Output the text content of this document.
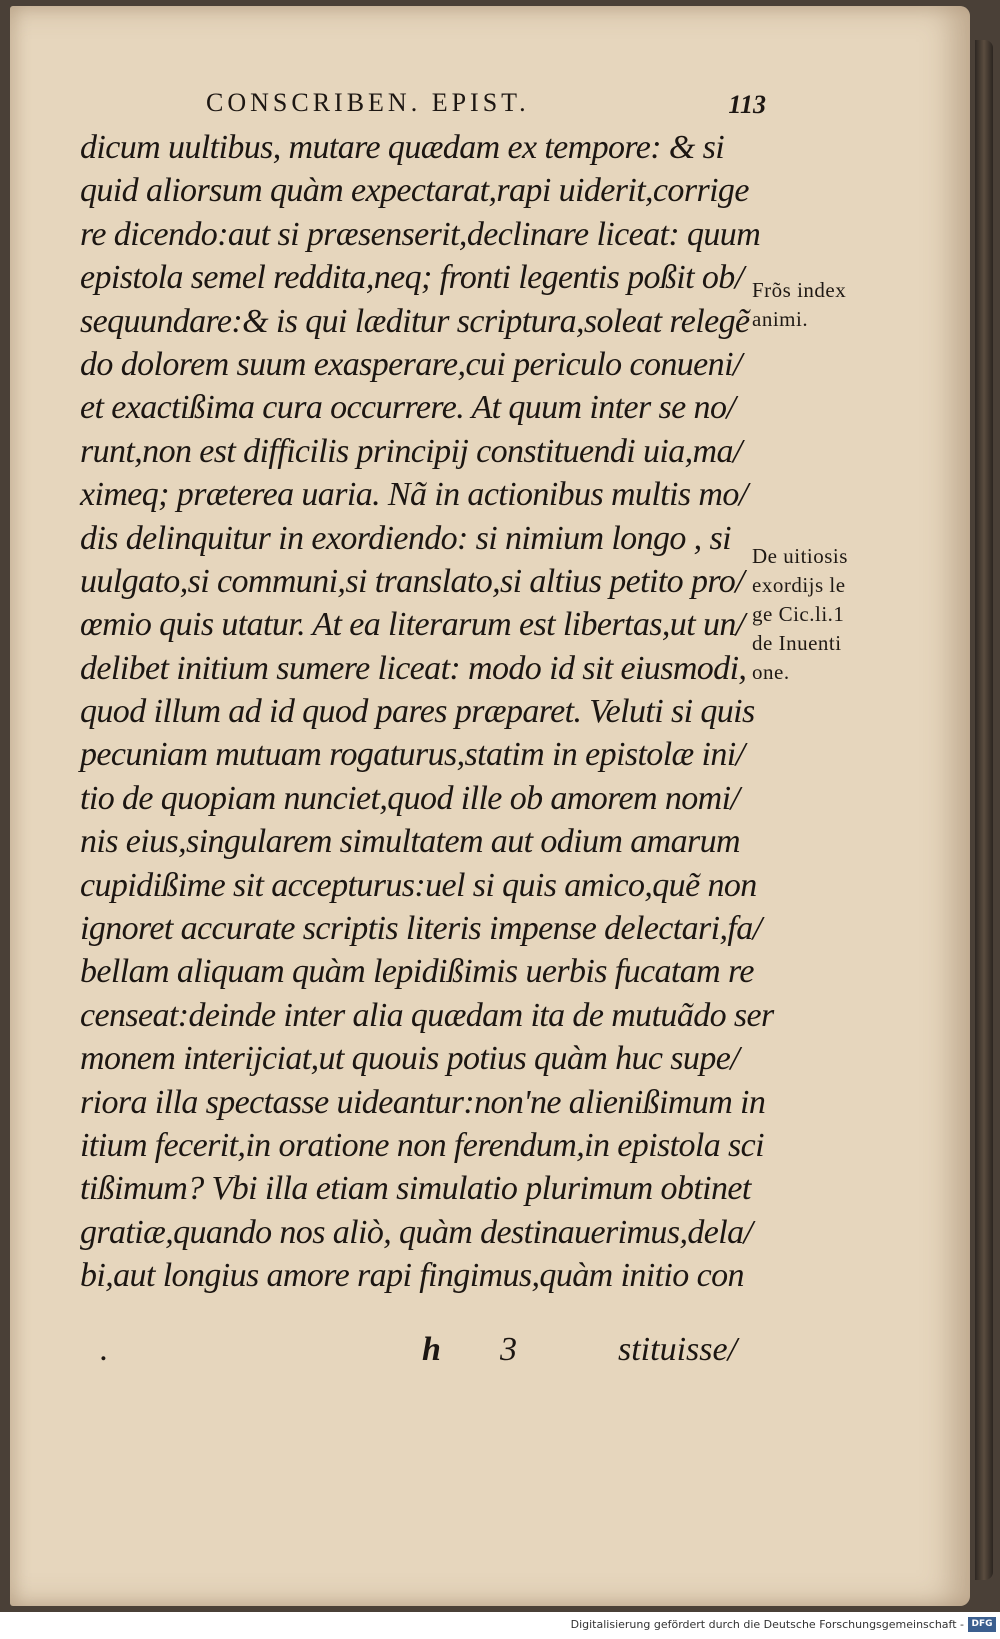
CONSCRIBEN. EPIST.	113
dicum uultibus, mutare quædam ex tempore: & si
quid aliorsum quàm expectarat,rapi uiderit,corrige
re dicendo:aut si præsenserit,declinare liceat: quum
epistola semel reddita,neq; fronti legentis poßit ob/
sequundare:& is qui læditur scriptura,soleat relegẽ
do dolorem suum exasperare,cui periculo conueni/
et exactißima cura occurrere. At quum inter se no/
runt,non est difficilis principij constituendi uia,ma/
ximeq; præterea uaria. Nã in actionibus multis mo/
dis delinquitur in exordiendo: si nimium longo , si
uulgato,si communi,si translato,si altius petito pro/
œmio quis utatur. At ea literarum est libertas,ut un/
delibet initium sumere liceat: modo id sit eiusmodi,
quod illum ad id quod pares præparet. Veluti si quis
pecuniam mutuam rogaturus,statim in epistolæ ini/
tio de quopiam nunciet,quod ille ob amorem nomi/
nis eius,singularem simultatem aut odium amarum
cupidißime sit accepturus:uel si quis amico,quẽ non
ignoret accurate scriptis literis impense delectari,fa/
bellam aliquam quàm lepidißimis uerbis fucatam re
censeat:deinde inter alia quædam ita de mutuãdo ser
monem interijciat,ut quouis potius quàm huc supe/
riora illa spectasse uideantur:non'ne alienißimum in
itium fecerit,in oratione non ferendum,in epistola sci
tißimum? Vbi illa etiam simulatio plurimum obtinet
gratiæ,quando nos aliò, quàm destinauerimus,dela/
bi,aut longius amore rapi fingimus,quàm initio con
Frõs index
animi.
De uitiosis
exordijs le
ge Cic.li.1
de Inuenti
one.
.	h 3	stituisse/
Digitalisierung gefördert durch die Deutsche Forschungsgemeinschaft - DFG
